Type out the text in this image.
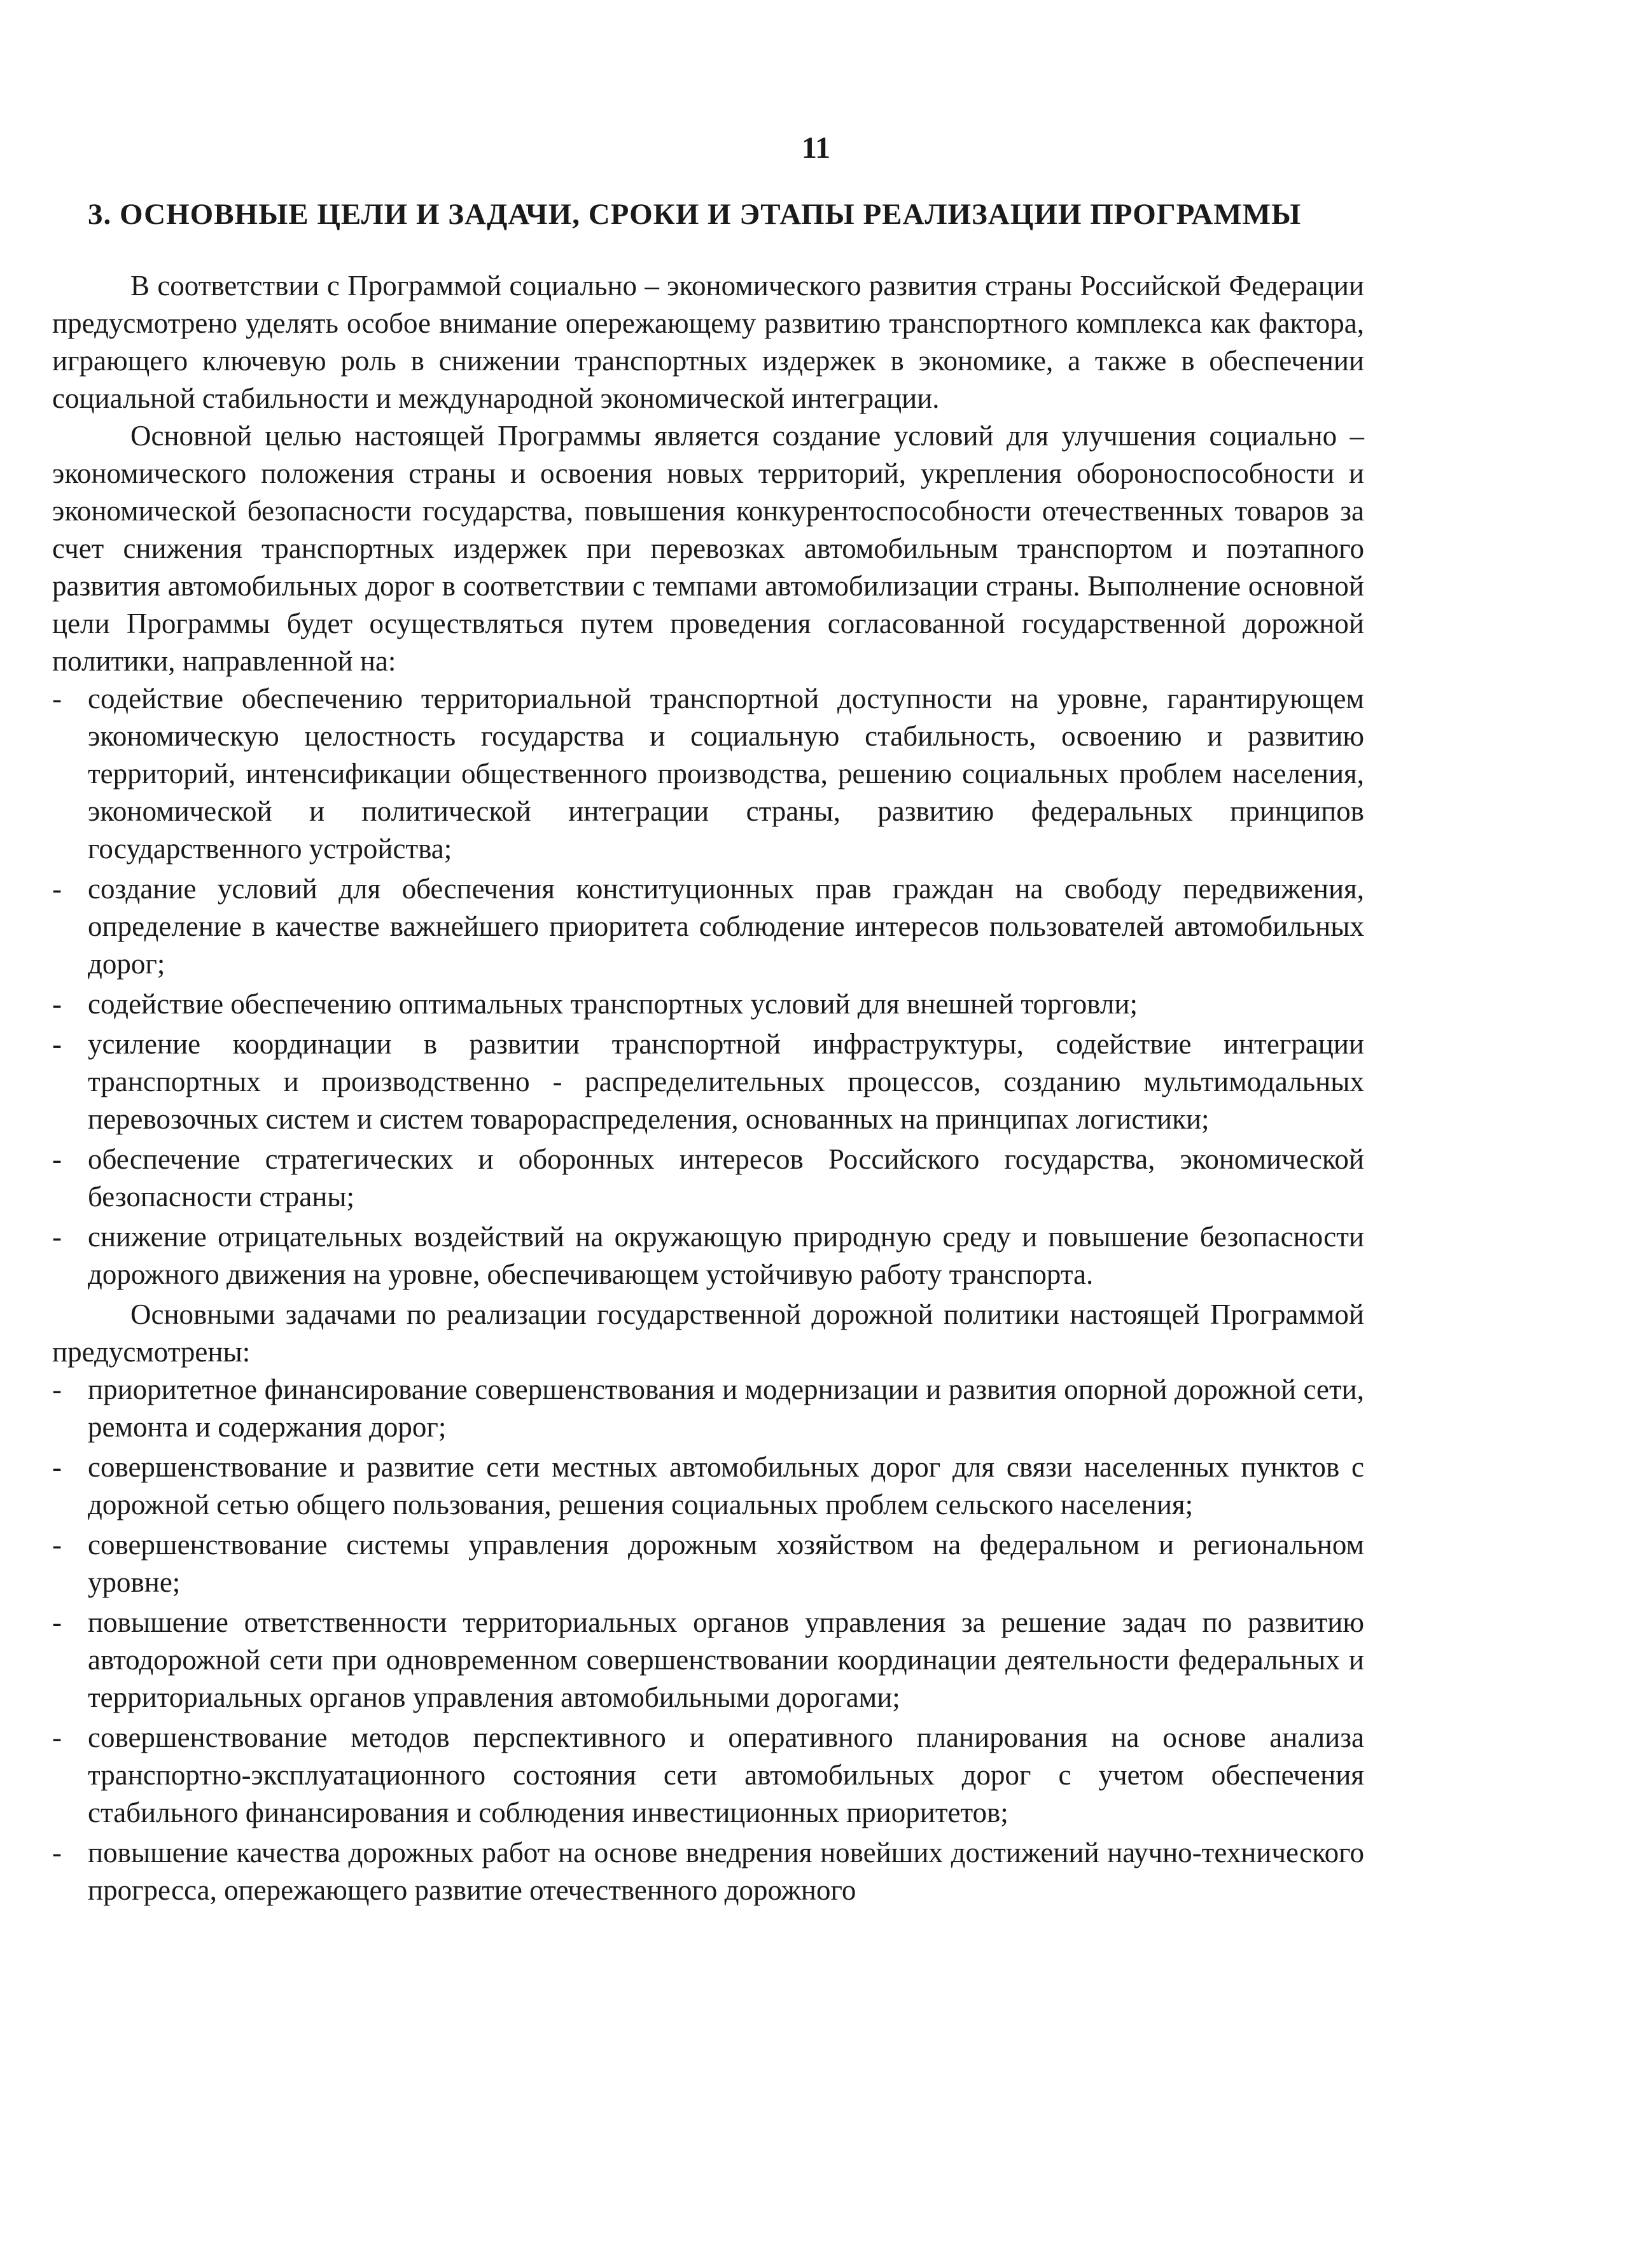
11
3. ОСНОВНЫЕ ЦЕЛИ И ЗАДАЧИ, СРОКИ И ЭТАПЫ РЕАЛИЗАЦИИ ПРОГРАММЫ

В соответствии с Программой социально – экономического развития страны Российской Федерации предусмотрено уделять особое внимание опережающему развитию транспортного комплекса как фактора, играющего ключевую роль в снижении транспортных издержек в экономике, а также в обеспечении социальной стабильности и международной экономической интеграции.

Основной целью настоящей Программы является создание условий для улучшения социально – экономического положения страны и освоения новых территорий, укрепления обороноспособности и экономической безопасности государства, повышения конкурентоспособности отечественных товаров за счет снижения транспортных издержек при перевозках автомобильным транспортом и поэтапного развития автомобильных дорог в соответствии с темпами автомобилизации страны. Выполнение основной цели Программы будет осуществляться путем проведения согласованной государственной дорожной политики, направленной на:

- содействие обеспечению территориальной транспортной доступности на уровне, гарантирующем экономическую целостность государства и социальную стабильность, освоению и развитию территорий, интенсификации общественного производства, решению социальных проблем населения, экономической и политической интеграции страны, развитию федеральных принципов государственного устройства;
- создание условий для обеспечения конституционных прав граждан на свободу передвижения, определение в качестве важнейшего приоритета соблюдение интересов пользователей автомобильных дорог;
- содействие обеспечению оптимальных транспортных условий для внешней торговли;
- усиление координации в развитии транспортной инфраструктуры, содействие интеграции транспортных и производственно - распределительных процессов, созданию мультимодальных перевозочных систем и систем товарораспределения, основанных на принципах логистики;
- обеспечение стратегических и оборонных интересов Российского государства, экономической безопасности страны;
- снижение отрицательных воздействий на окружающую природную среду и повышение безопасности дорожного движения на уровне, обеспечивающем устойчивую работу транспорта.

Основными задачами по реализации государственной дорожной политики настоящей Программой предусмотрены:

- приоритетное финансирование совершенствования и модернизации и развития опорной дорожной сети, ремонта и содержания дорог;
- совершенствование и развитие сети местных автомобильных дорог для связи населенных пунктов с дорожной сетью общего пользования, решения социальных проблем сельского населения;
- совершенствование системы управления дорожным хозяйством на федеральном и региональном уровне;
- повышение ответственности территориальных органов управления за решение задач по развитию автодорожной сети при одновременном совершенствовании координации деятельности федеральных и территориальных органов управления автомобильными дорогами;
- совершенствование методов перспективного и оперативного планирования на основе анализа транспортно-эксплуатационного состояния сети автомобильных дорог с учетом обеспечения стабильного финансирования и соблюдения инвестиционных приоритетов;
- повышение качества дорожных работ на основе внедрения новейших достижений научно-технического прогресса, опережающего развитие отечественного дорожного
